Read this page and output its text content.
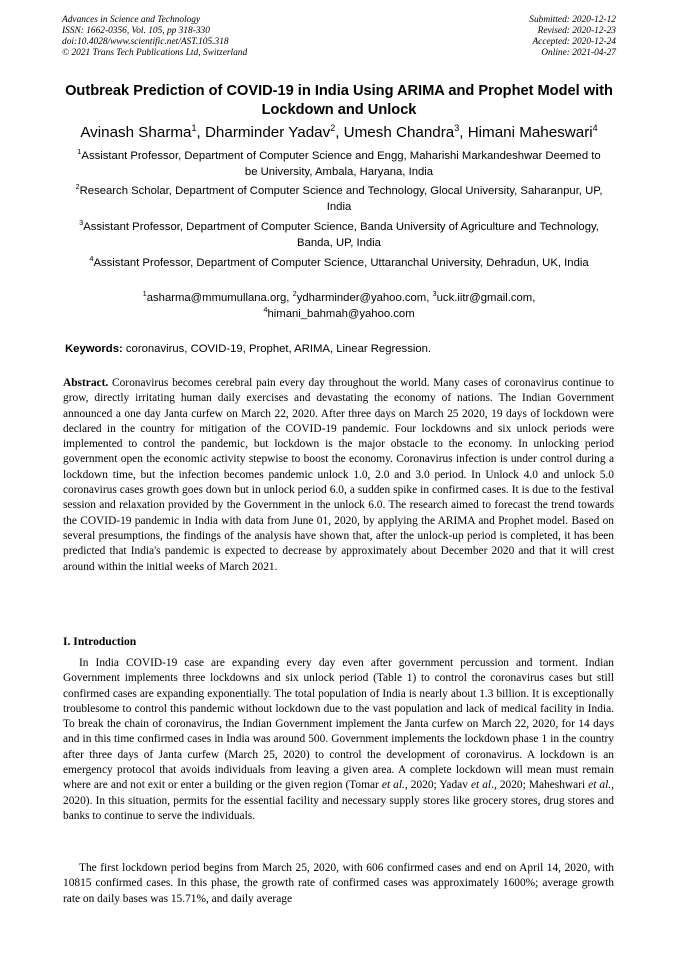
Advances in Science and Technology
ISSN: 1662-0356, Vol. 105, pp 318-330
doi:10.4028/www.scientific.net/AST.105.318
© 2021 Trans Tech Publications Ltd, Switzerland
Submitted: 2020-12-12
Revised: 2020-12-23
Accepted: 2020-12-24
Online: 2021-04-27
Outbreak Prediction of COVID-19 in India Using ARIMA and Prophet Model with Lockdown and Unlock
Avinash Sharma$^1$, Dharminder Yadav$^2$, Umesh Chandra$^3$, Himani Maheswari$^4$
$^1$Assistant Professor, Department of Computer Science and Engg, Maharishi Markandeshwar Deemed to be University, Ambala, Haryana, India
$^2$Research Scholar, Department of Computer Science and Technology, Glocal University, Saharanpur, UP, India
$^3$Assistant Professor, Department of Computer Science, Banda University of Agriculture and Technology, Banda, UP, India
$^4$Assistant Professor, Department of Computer Science, Uttaranchal University, Dehradun, UK, India
$^1$asharma@mmumullana.org, $^2$ydharminder@yahoo.com, $^3$uck.iitr@gmail.com,
$^4$himani_bahmah@yahoo.com
Keywords: coronavirus, COVID-19, Prophet, ARIMA, Linear Regression.
Abstract. Coronavirus becomes cerebral pain every day throughout the world. Many cases of coronavirus continue to grow, directly irritating human daily exercises and devastating the economy of nations. The Indian Government announced a one day Janta curfew on March 22, 2020. After three days on March 25 2020, 19 days of lockdown were declared in the country for mitigation of the COVID-19 pandemic. Four lockdowns and six unlock periods were implemented to control the pandemic, but lockdown is the major obstacle to the economy. In unlocking period government open the economic activity stepwise to boost the economy. Coronavirus infection is under control during a lockdown time, but the infection becomes pandemic unlock 1.0, 2.0 and 3.0 period. In Unlock 4.0 and unlock 5.0 coronavirus cases growth goes down but in unlock period 6.0, a sudden spike in confirmed cases. It is due to the festival session and relaxation provided by the Government in the unlock 6.0. The research aimed to forecast the trend towards the COVID-19 pandemic in India with data from June 01, 2020, by applying the ARIMA and Prophet model. Based on several presumptions, the findings of the analysis have shown that, after the unlock-up period is completed, it has been predicted that India's pandemic is expected to decrease by approximately about December 2020 and that it will crest around within the initial weeks of March 2021.
I. Introduction
In India COVID-19 case are expanding every day even after government percussion and torment. Indian Government implements three lockdowns and six unlock period (Table 1) to control the coronavirus cases but still confirmed cases are expanding exponentially. The total population of India is nearly about 1.3 billion. It is exceptionally troublesome to control this pandemic without lockdown due to the vast population and lack of medical facility in India. To break the chain of coronavirus, the Indian Government implement the Janta curfew on March 22, 2020, for 14 days and in this time confirmed cases in India was around 500. Government implements the lockdown phase 1 in the country after three days of Janta curfew (March 25, 2020) to control the development of coronavirus. A lockdown is an emergency protocol that avoids individuals from leaving a given area. A complete lockdown will mean must remain where are and not exit or enter a building or the given region (Tomar et al., 2020; Yadav et al., 2020; Maheshwari et al., 2020). In this situation, permits for the essential facility and necessary supply stores like grocery stores, drug stores and banks to continue to serve the individuals.
The first lockdown period begins from March 25, 2020, with 606 confirmed cases and end on April 14, 2020, with 10815 confirmed cases. In this phase, the growth rate of confirmed cases was approximately 1600%; average growth rate on daily bases was 15.71%, and daily average
